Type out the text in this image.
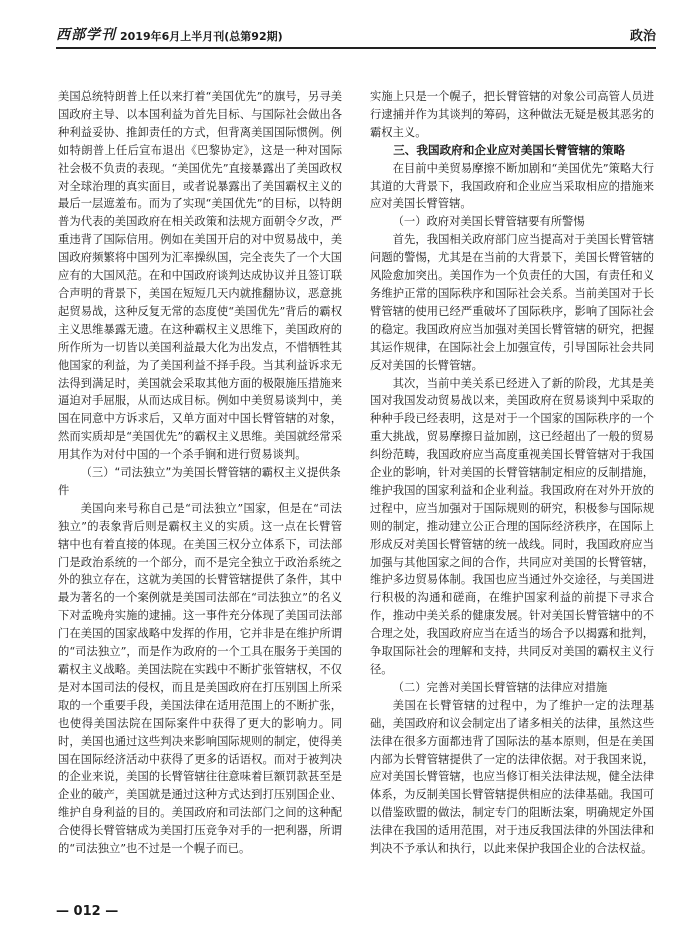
西部学刊 2019年6月上半月刊(总第92期)	政治

美国总统特朗普上任以来打着“美国优先”的旗号，另寻美国政府主导、以本国利益为首先目标、与国际社会做出各种利益妥协、推卸责任的方式，但背离美国国际惯例。例如特朗普上任后宣布退出《巴黎协定》，这是一种对国际社会极不负责的表现。“美国优先”直接暴露出了美国政权对全球治理的真实面目，或者说暴露出了美国霸权主义的最后一层遮羞布。而为了实现“美国优先”的目标，以特朗普为代表的美国政府在相关政策和法规方面朝令夕改，严重违背了国际信用。例如在美国开启的对中贸易战中，美国政府频繁将中国列为汇率操纵国，完全丧失了一个大国应有的大国风范。在和中国政府谈判达成协议并且签订联合声明的背景下，美国在短短几天内就推翻协议，恶意挑起贸易战，这种反复无常的态度使“美国优先”背后的霸权主义思维暴露无遗。在这种霸权主义思维下，美国政府的所作所为一切皆以美国利益最大化为出发点，不惜牺牲其他国家的利益，为了美国利益不择手段。当其利益诉求无法得到满足时，美国就会采取其他方面的极限施压措施来逼迫对手屈服，从而达成目标。例如中美贸易谈判中，美国在同意中方诉求后，又单方面对中国长臂管辖的对象，然而实质却是“美国优先”的霸权主义思维。美国就经常采用其作为对付中国的一个杀手锏和进行贸易谈判。

（三）“司法独立”为美国长臂管辖的霸权主义提供条件

美国向来号称自己是“司法独立”国家，但是在“司法独立”的表象背后则是霸权主义的实质。这一点在长臂管辖中也有着直接的体现。在美国三权分立体系下，司法部门是政治系统的一个部分，而不是完全独立于政治系统之外的独立存在，这就为美国的长臂管辖提供了条件，其中最为著名的一个案例就是美国司法部在“司法独立”的名义下对孟晚舟实施的逮捕。这一事件充分体现了美国司法部门在美国的国家战略中发挥的作用，它并非是在维护所谓的“司法独立”，而是作为政府的一个工具在服务于美国的霸权主义战略。美国法院在实践中不断扩张管辖权，不仅是对本国司法的侵权，而且是美国政府在打压别国上所采取的一个重要手段，美国法律在适用范围上的不断扩张，也使得美国法院在国际案件中获得了更大的影响力。同时，美国也通过这些判决来影响国际规则的制定，使得美国在国际经济活动中获得了更多的话语权。而对于被判决的企业来说，美国的长臂管辖往往意味着巨额罚款甚至是企业的破产，美国就是通过这种方式达到打压别国企业、维护自身利益的目的。美国政府和司法部门之间的这种配合使得长臂管辖成为美国打压竞争对手的一把利器，所谓的“司法独立”也不过是一个幌子而已。

实施上只是一个幌子，把长臂管辖的对象公司高管人员进行逮捕并作为其谈判的筹码，这种做法无疑是极其恶劣的霸权主义。

三、我国政府和企业应对美国长臂管辖的策略

在目前中美贸易摩擦不断加剧和“美国优先”策略大行其道的大背景下，我国政府和企业应当采取相应的措施来应对美国长臂管辖。

（一）政府对美国长臂管辖要有所警惕

首先，我国相关政府部门应当提高对于美国长臂管辖问题的警惕，尤其是在当前的大背景下，美国长臂管辖的风险愈加突出。美国作为一个负责任的大国，有责任和义务维护正常的国际秩序和国际社会关系。当前美国对于长臂管辖的使用已经严重破坏了国际秩序，影响了国际社会的稳定。我国政府应当加强对美国长臂管辖的研究，把握其运作规律，在国际社会上加强宣传，引导国际社会共同反对美国的长臂管辖。

其次，当前中美关系已经进入了新的阶段，尤其是美国对我国发动贸易战以来，美国政府在贸易谈判中采取的种种手段已经表明，这是对于一个国家的国际秩序的一个重大挑战，贸易摩擦日益加剧，这已经超出了一般的贸易纠纷范畴，我国政府应当高度重视美国长臂管辖对于我国企业的影响，针对美国的长臂管辖制定相应的反制措施，维护我国的国家利益和企业利益。我国政府在对外开放的过程中，应当加强对于国际规则的研究，积极参与国际规则的制定，推动建立公正合理的国际经济秩序，在国际上形成反对美国长臂管辖的统一战线。同时，我国政府应当加强与其他国家之间的合作，共同应对美国的长臂管辖，维护多边贸易体制。我国也应当通过外交途径，与美国进行积极的沟通和磋商，在维护国家利益的前提下寻求合作，推动中美关系的健康发展。针对美国长臂管辖中的不合理之处，我国政府应当在适当的场合予以揭露和批判，争取国际社会的理解和支持，共同反对美国的霸权主义行径。

（二）完善对美国长臂管辖的法律应对措施

美国在长臂管辖的过程中，为了维护一定的法理基础，美国政府和议会制定出了诸多相关的法律，虽然这些法律在很多方面都违背了国际法的基本原则，但是在美国内部为长臂管辖提供了一定的法律依据。对于我国来说，应对美国长臂管辖，也应当修订相关法律法规，健全法律体系，为反制美国长臂管辖提供相应的法律基础。我国可以借鉴欧盟的做法，制定专门的阻断法案，明确规定外国法律在我国的适用范围，对于违反我国法律的外国法律和判决不予承认和执行，以此来保护我国企业的合法权益。

— 012 —
